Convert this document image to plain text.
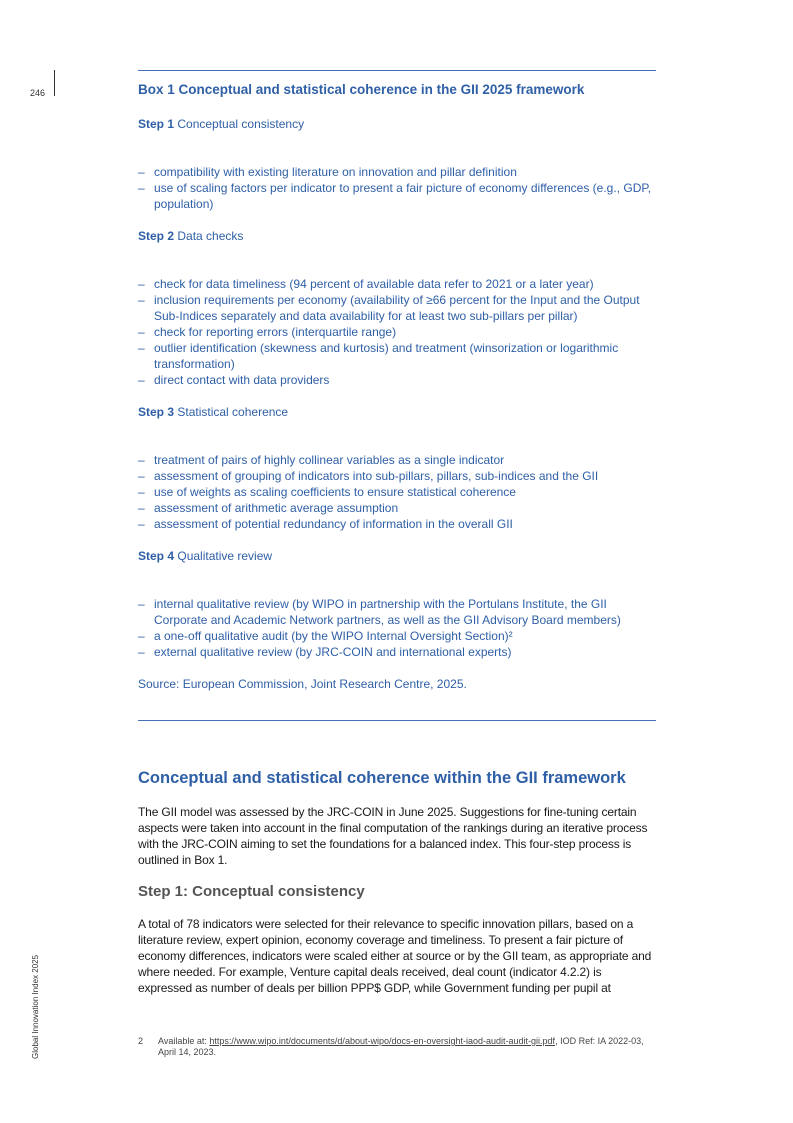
246
Global Innovation Index 2025
Box 1 Conceptual and statistical coherence in the GII 2025 framework

Step 1 Conceptual consistency

– compatibility with existing literature on innovation and pillar definition
– use of scaling factors per indicator to present a fair picture of economy differences (e.g., GDP, population)

Step 2 Data checks

– check for data timeliness (94 percent of available data refer to 2021 or a later year)
– inclusion requirements per economy (availability of ≥66 percent for the Input and the Output Sub-Indices separately and data availability for at least two sub-pillars per pillar)
– check for reporting errors (interquartile range)
– outlier identification (skewness and kurtosis) and treatment (winsorization or logarithmic transformation)
– direct contact with data providers

Step 3 Statistical coherence

– treatment of pairs of highly collinear variables as a single indicator
– assessment of grouping of indicators into sub-pillars, pillars, sub-indices and the GII
– use of weights as scaling coefficients to ensure statistical coherence
– assessment of arithmetic average assumption
– assessment of potential redundancy of information in the overall GII

Step 4 Qualitative review

– internal qualitative review (by WIPO in partnership with the Portulans Institute, the GII Corporate and Academic Network partners, as well as the GII Advisory Board members)
– a one-off qualitative audit (by the WIPO Internal Oversight Section)²
– external qualitative review (by JRC-COIN and international experts)

Source: European Commission, Joint Research Centre, 2025.

Conceptual and statistical coherence within the GII framework

The GII model was assessed by the JRC-COIN in June 2025. Suggestions for fine-tuning certain aspects were taken into account in the final computation of the rankings during an iterative process with the JRC-COIN aiming to set the foundations for a balanced index. This four-step process is outlined in Box 1.

Step 1: Conceptual consistency

A total of 78 indicators were selected for their relevance to specific innovation pillars, based on a literature review, expert opinion, economy coverage and timeliness. To present a fair picture of economy differences, indicators were scaled either at source or by the GII team, as appropriate and where needed. For example, Venture capital deals received, deal count (indicator 4.2.2) is expressed as number of deals per billion PPP$ GDP, while Government funding per pupil at

2 Available at: https://www.wipo.int/documents/d/about-wipo/docs-en-oversight-iaod-audit-audit-gii.pdf, IOD Ref: IA 2022-03, April 14, 2023.
